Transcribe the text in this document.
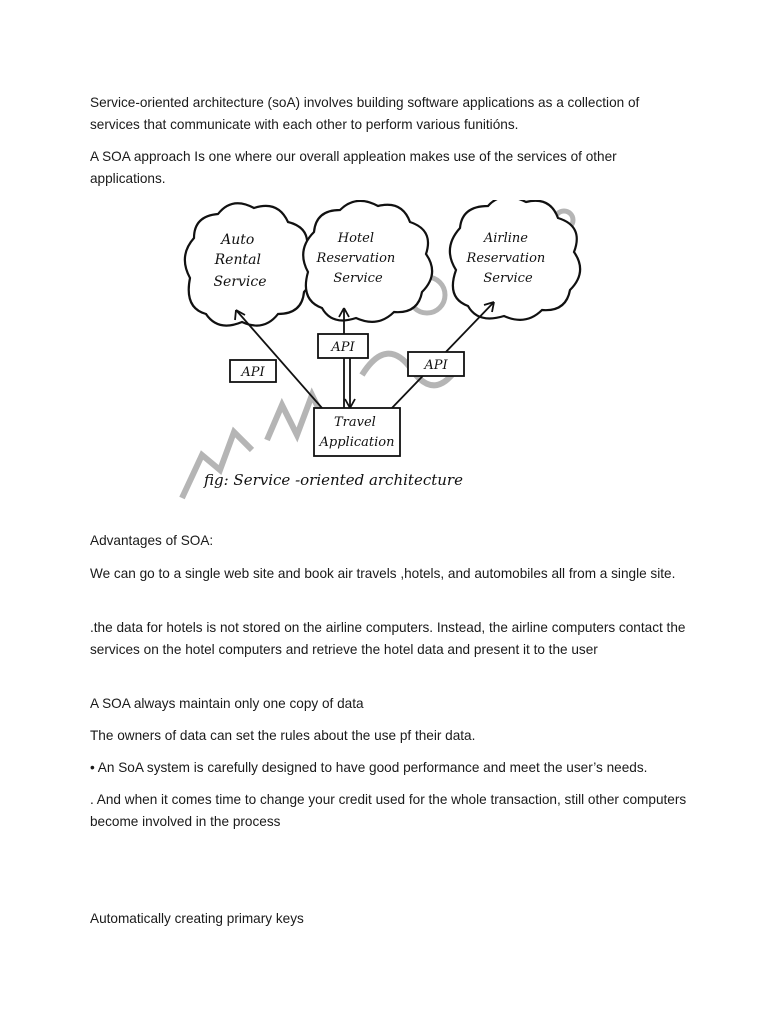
Service-oriented architecture (soA) involves building software applications as a collection of services that communicate with each other to perform various funitións.

A SOA approach Is one where our overall appleation makes use of the services of other applications.

Auto Rental Service
Hotel Reservation Service
Airline Reservation Service
API
API
API
Travel Application
fig: Service -oriented architecture

Advantages of SOA:

We can go to a single web site and book air travels ,hotels, and automobiles all from a single site.

.the data for hotels is not stored on the airline computers. Instead, the airline computers contact the services on the hotel computers and retrieve the hotel data and present it to the user

A SOA always maintain only one copy of data

The owners of data can set the rules about the use pf their data.

• An SoA system is carefully designed to have good performance and meet the user’s needs.

. And when it comes time to change your credit used for the whole transaction, still other computers become involved in the process

Automatically creating primary keys
